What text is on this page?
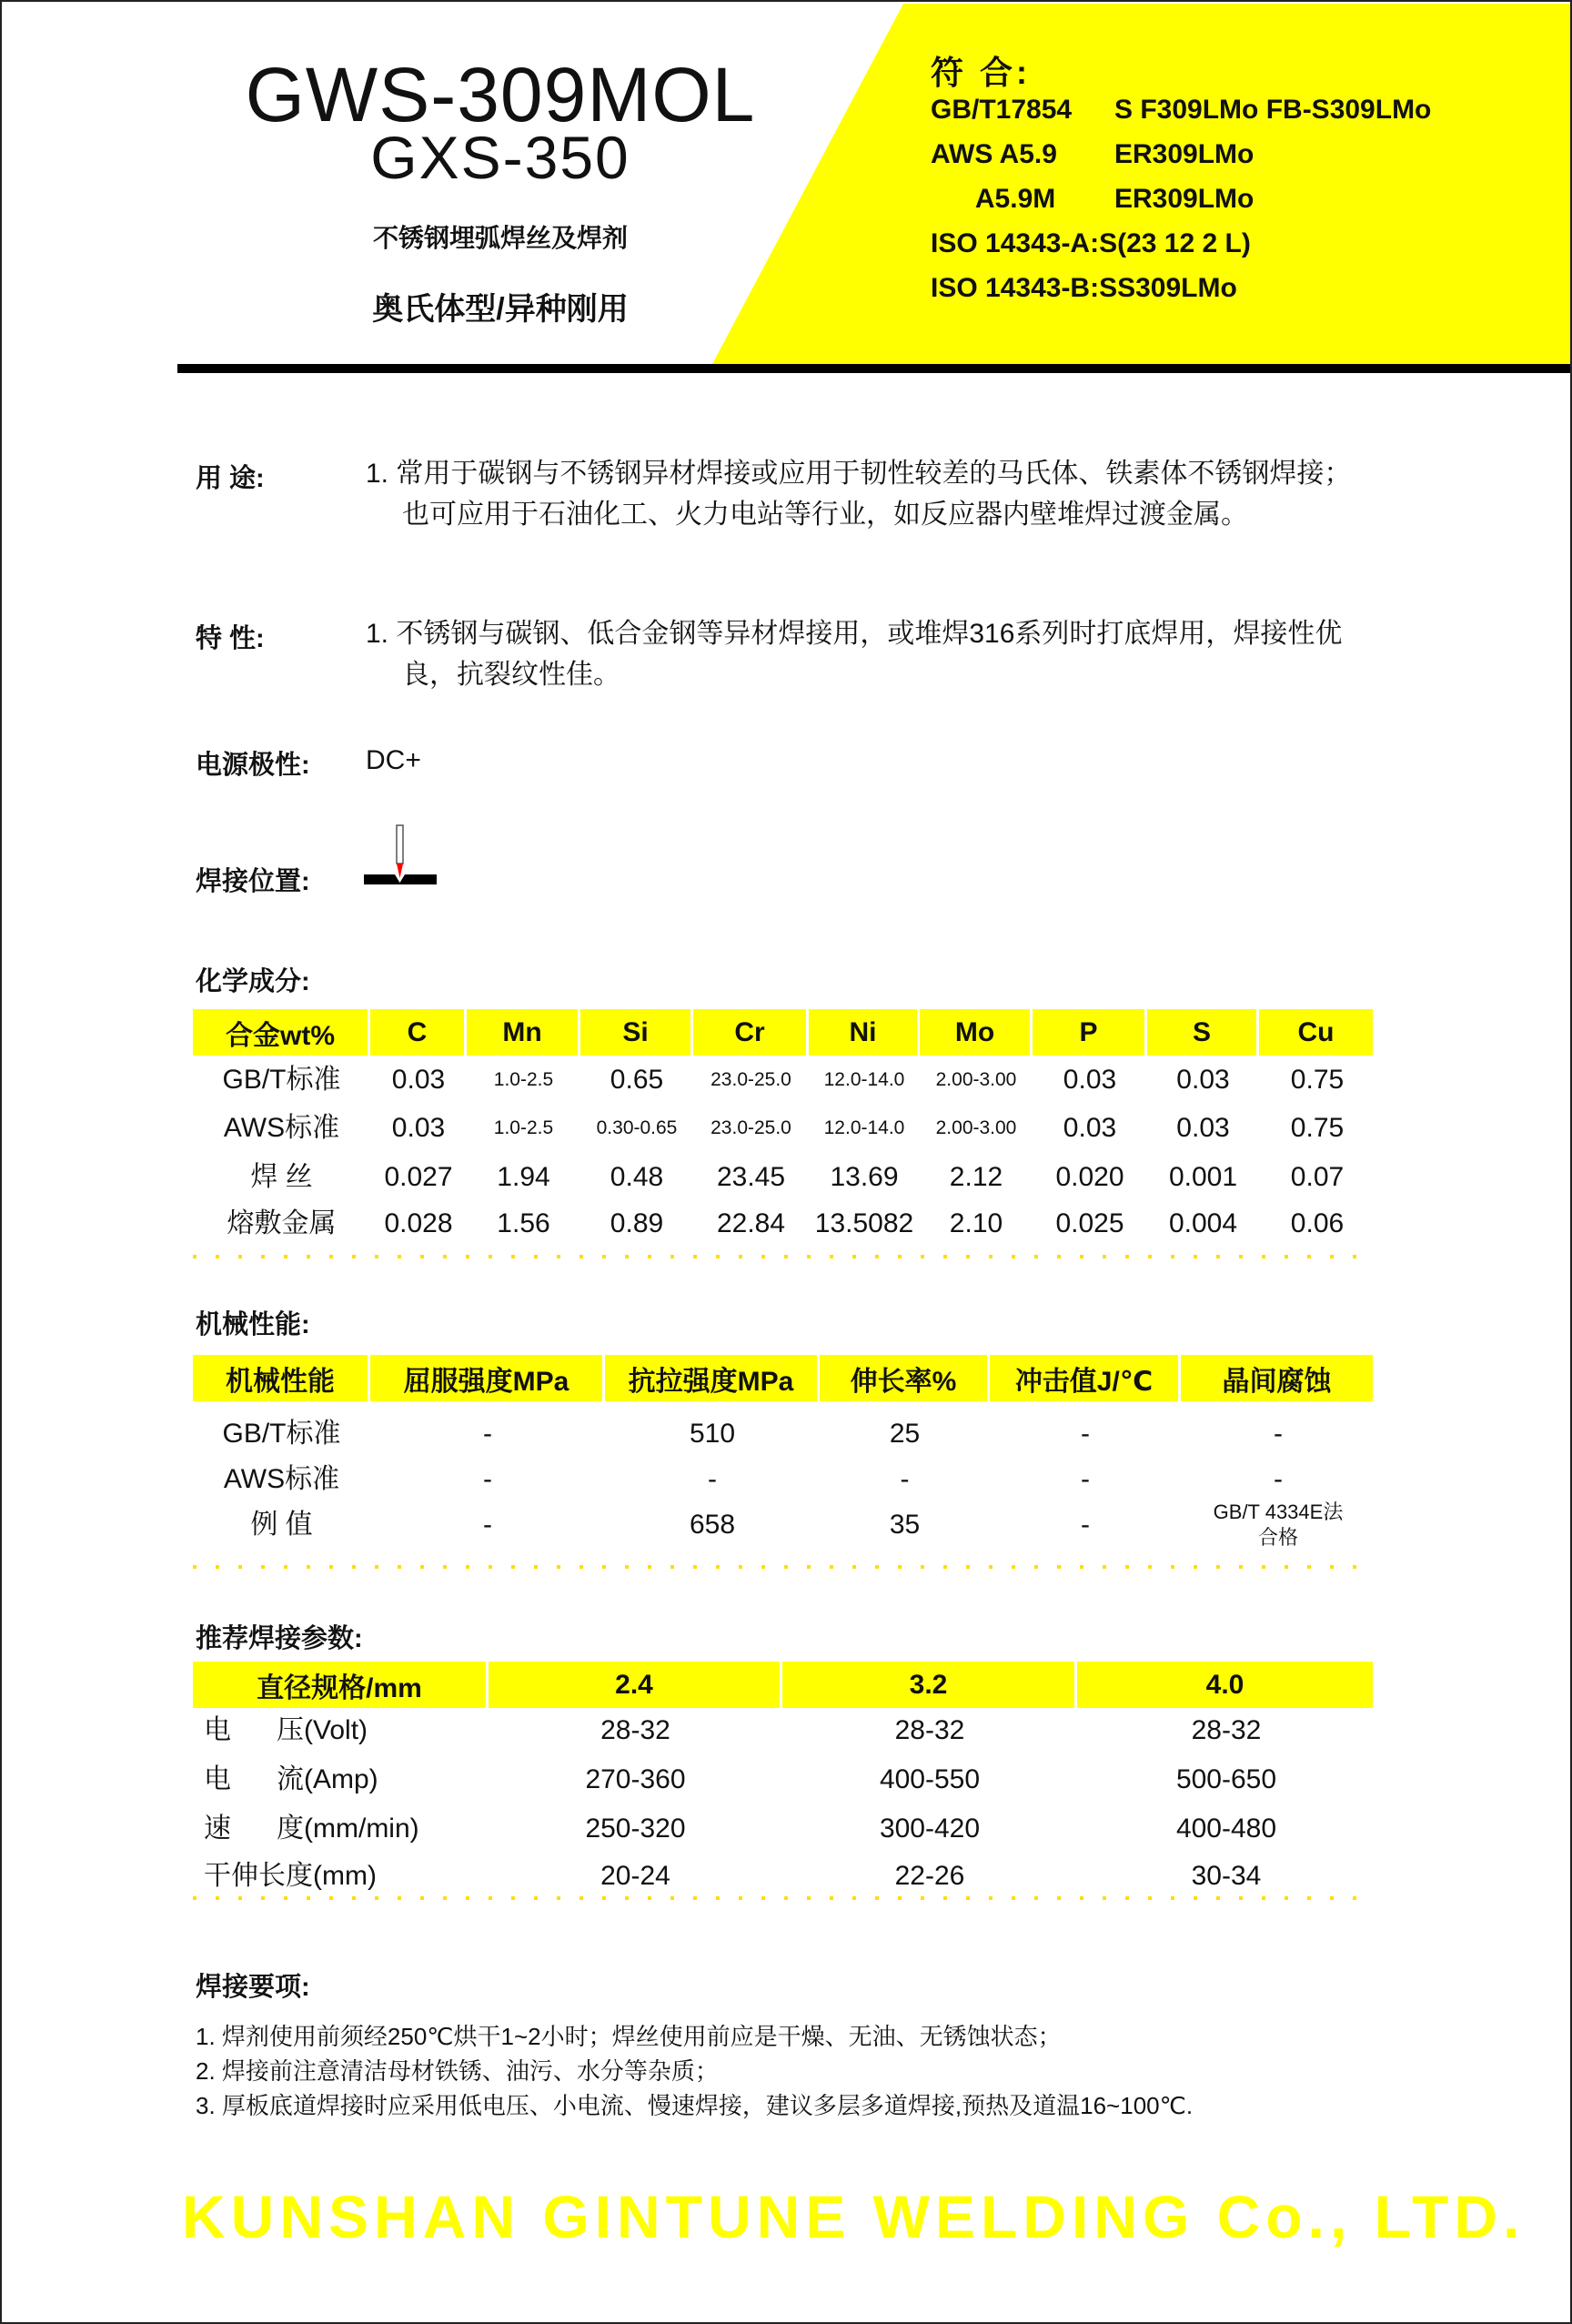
GWS-309MOL
GXS-350
不锈钢埋弧焊丝及焊剂
奥氏体型/异种刚用
符 合:
GB/T17854 S F309LMo FB-S309LMo
AWS A5.9 ER309LMo
A5.9M ER309LMo
ISO 14343-A:S(23 12 2 L)
ISO 14343-B:SS309LMo
用 途:	1. 常用于碳钢与不锈钢异材焊接或应用于韧性较差的马氏体、铁素体不锈钢焊接；也可应用于石油化工、火力电站等行业，如反应器内壁堆焊过渡金属。
特 性:	1. 不锈钢与碳钢、低合金钢等异材焊接用，或堆焊316系列时打底焊用，焊接性优良，抗裂纹性佳。
电源极性: DC+
焊接位置:
化学成分:
合金wt%	C	Mn	Si	Cr	Ni	Mo	P	S	Cu
GB/T标准	0.03	1.0-2.5	0.65	23.0-25.0	12.0-14.0	2.00-3.00	0.03	0.03	0.75
AWS标准	0.03	1.0-2.5	0.30-0.65	23.0-25.0	12.0-14.0	2.00-3.00	0.03	0.03	0.75
焊 丝	0.027	1.94	0.48	23.45	13.69	2.12	0.020	0.001	0.07
熔敷金属	0.028	1.56	0.89	22.84	13.5082	2.10	0.025	0.004	0.06
机械性能:
机械性能	屈服强度MPa	抗拉强度MPa	伸长率%	冲击值J/℃	晶间腐蚀
GB/T标准	-	510	25	-	-
AWS标准	-	-	-	-	-
例 值	-	658	35	-	GB/T 4334E法
合格
推荐焊接参数:
直径规格/mm	2.4	3.2	4.0
电      压(Volt)	28-32	28-32	28-32
电      流(Amp)	270-360	400-550	500-650
速      度(mm/min)	250-320	300-420	400-480
干伸长度(mm)	20-24	22-26	30-34
焊接要项:
1. 焊剂使用前须经250℃烘干1~2小时；焊丝使用前应是干燥、无油、无锈蚀状态；
2. 焊接前注意清洁母材铁锈、油污、水分等杂质；
3. 厚板底道焊接时应采用低电压、小电流、慢速焊接，建议多层多道焊接,预热及道温16~100℃.
KUNSHAN GINTUNE WELDING Co., LTD.
